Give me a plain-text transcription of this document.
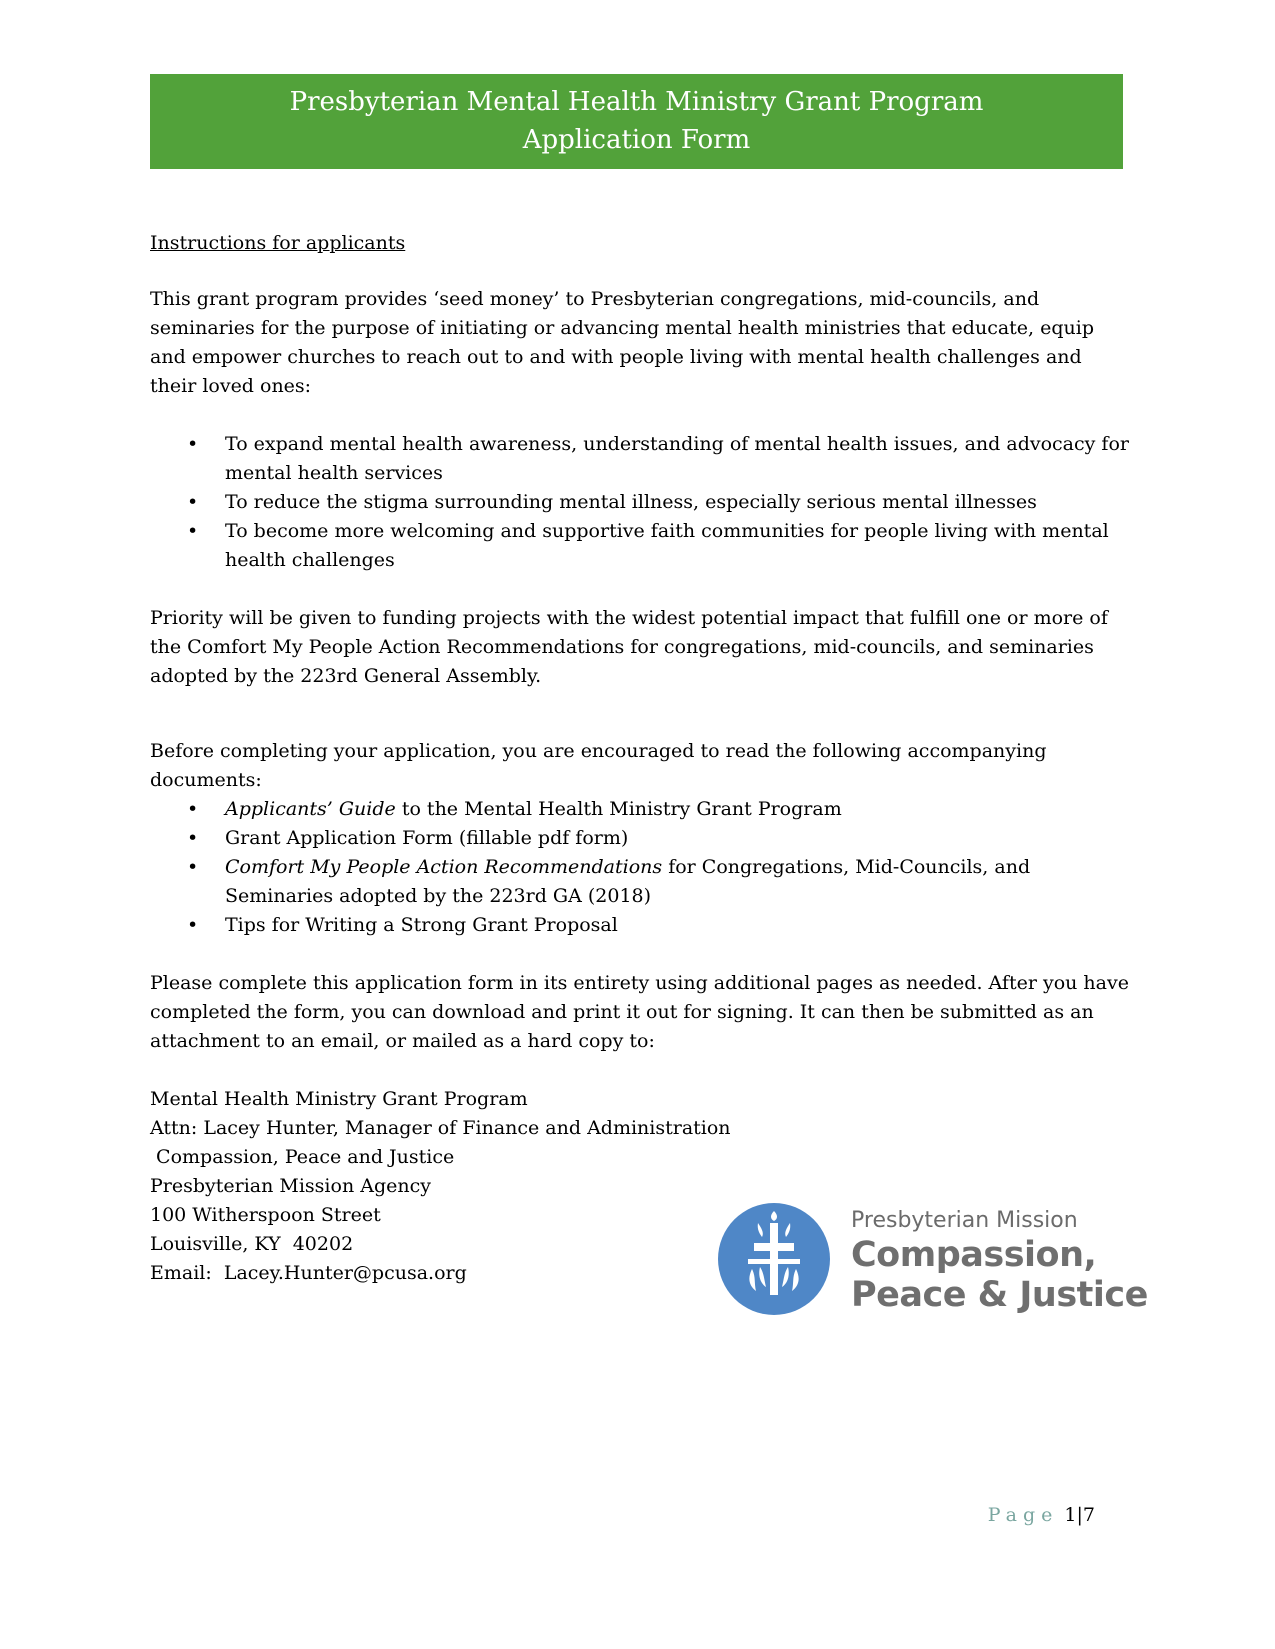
Presbyterian Mental Health Ministry Grant Program
Application Form
Instructions for applicants

This grant program provides ‘seed money’ to Presbyterian congregations, mid-councils, and seminaries for the purpose of initiating or advancing mental health ministries that educate, equip and empower churches to reach out to and with people living with mental health challenges and their loved ones:

• To expand mental health awareness, understanding of mental health issues, and advocacy for mental health services
• To reduce the stigma surrounding mental illness, especially serious mental illnesses
• To become more welcoming and supportive faith communities for people living with mental health challenges

Priority will be given to funding projects with the widest potential impact that fulfill one or more of the Comfort My People Action Recommendations for congregations, mid-councils, and seminaries adopted by the 223rd General Assembly.

Before completing your application, you are encouraged to read the following accompanying documents:

• Applicants’ Guide to the Mental Health Ministry Grant Program
• Grant Application Form (fillable pdf form)
• Comfort My People Action Recommendations for Congregations, Mid-Councils, and Seminaries adopted by the 223rd GA (2018)
• Tips for Writing a Strong Grant Proposal

Please complete this application form in its entirety using additional pages as needed. After you have completed the form, you can download and print it out for signing. It can then be submitted as an attachment to an email, or mailed as a hard copy to:

Mental Health Ministry Grant Program
Attn: Lacey Hunter, Manager of Finance and Administration
Compassion, Peace and Justice
Presbyterian Mission Agency
100 Witherspoon Street
Louisville, KY  40202
Email:  Lacey.Hunter@pcusa.org
Presbyterian Mission
Compassion,
Peace & Justice
Page 1|7
